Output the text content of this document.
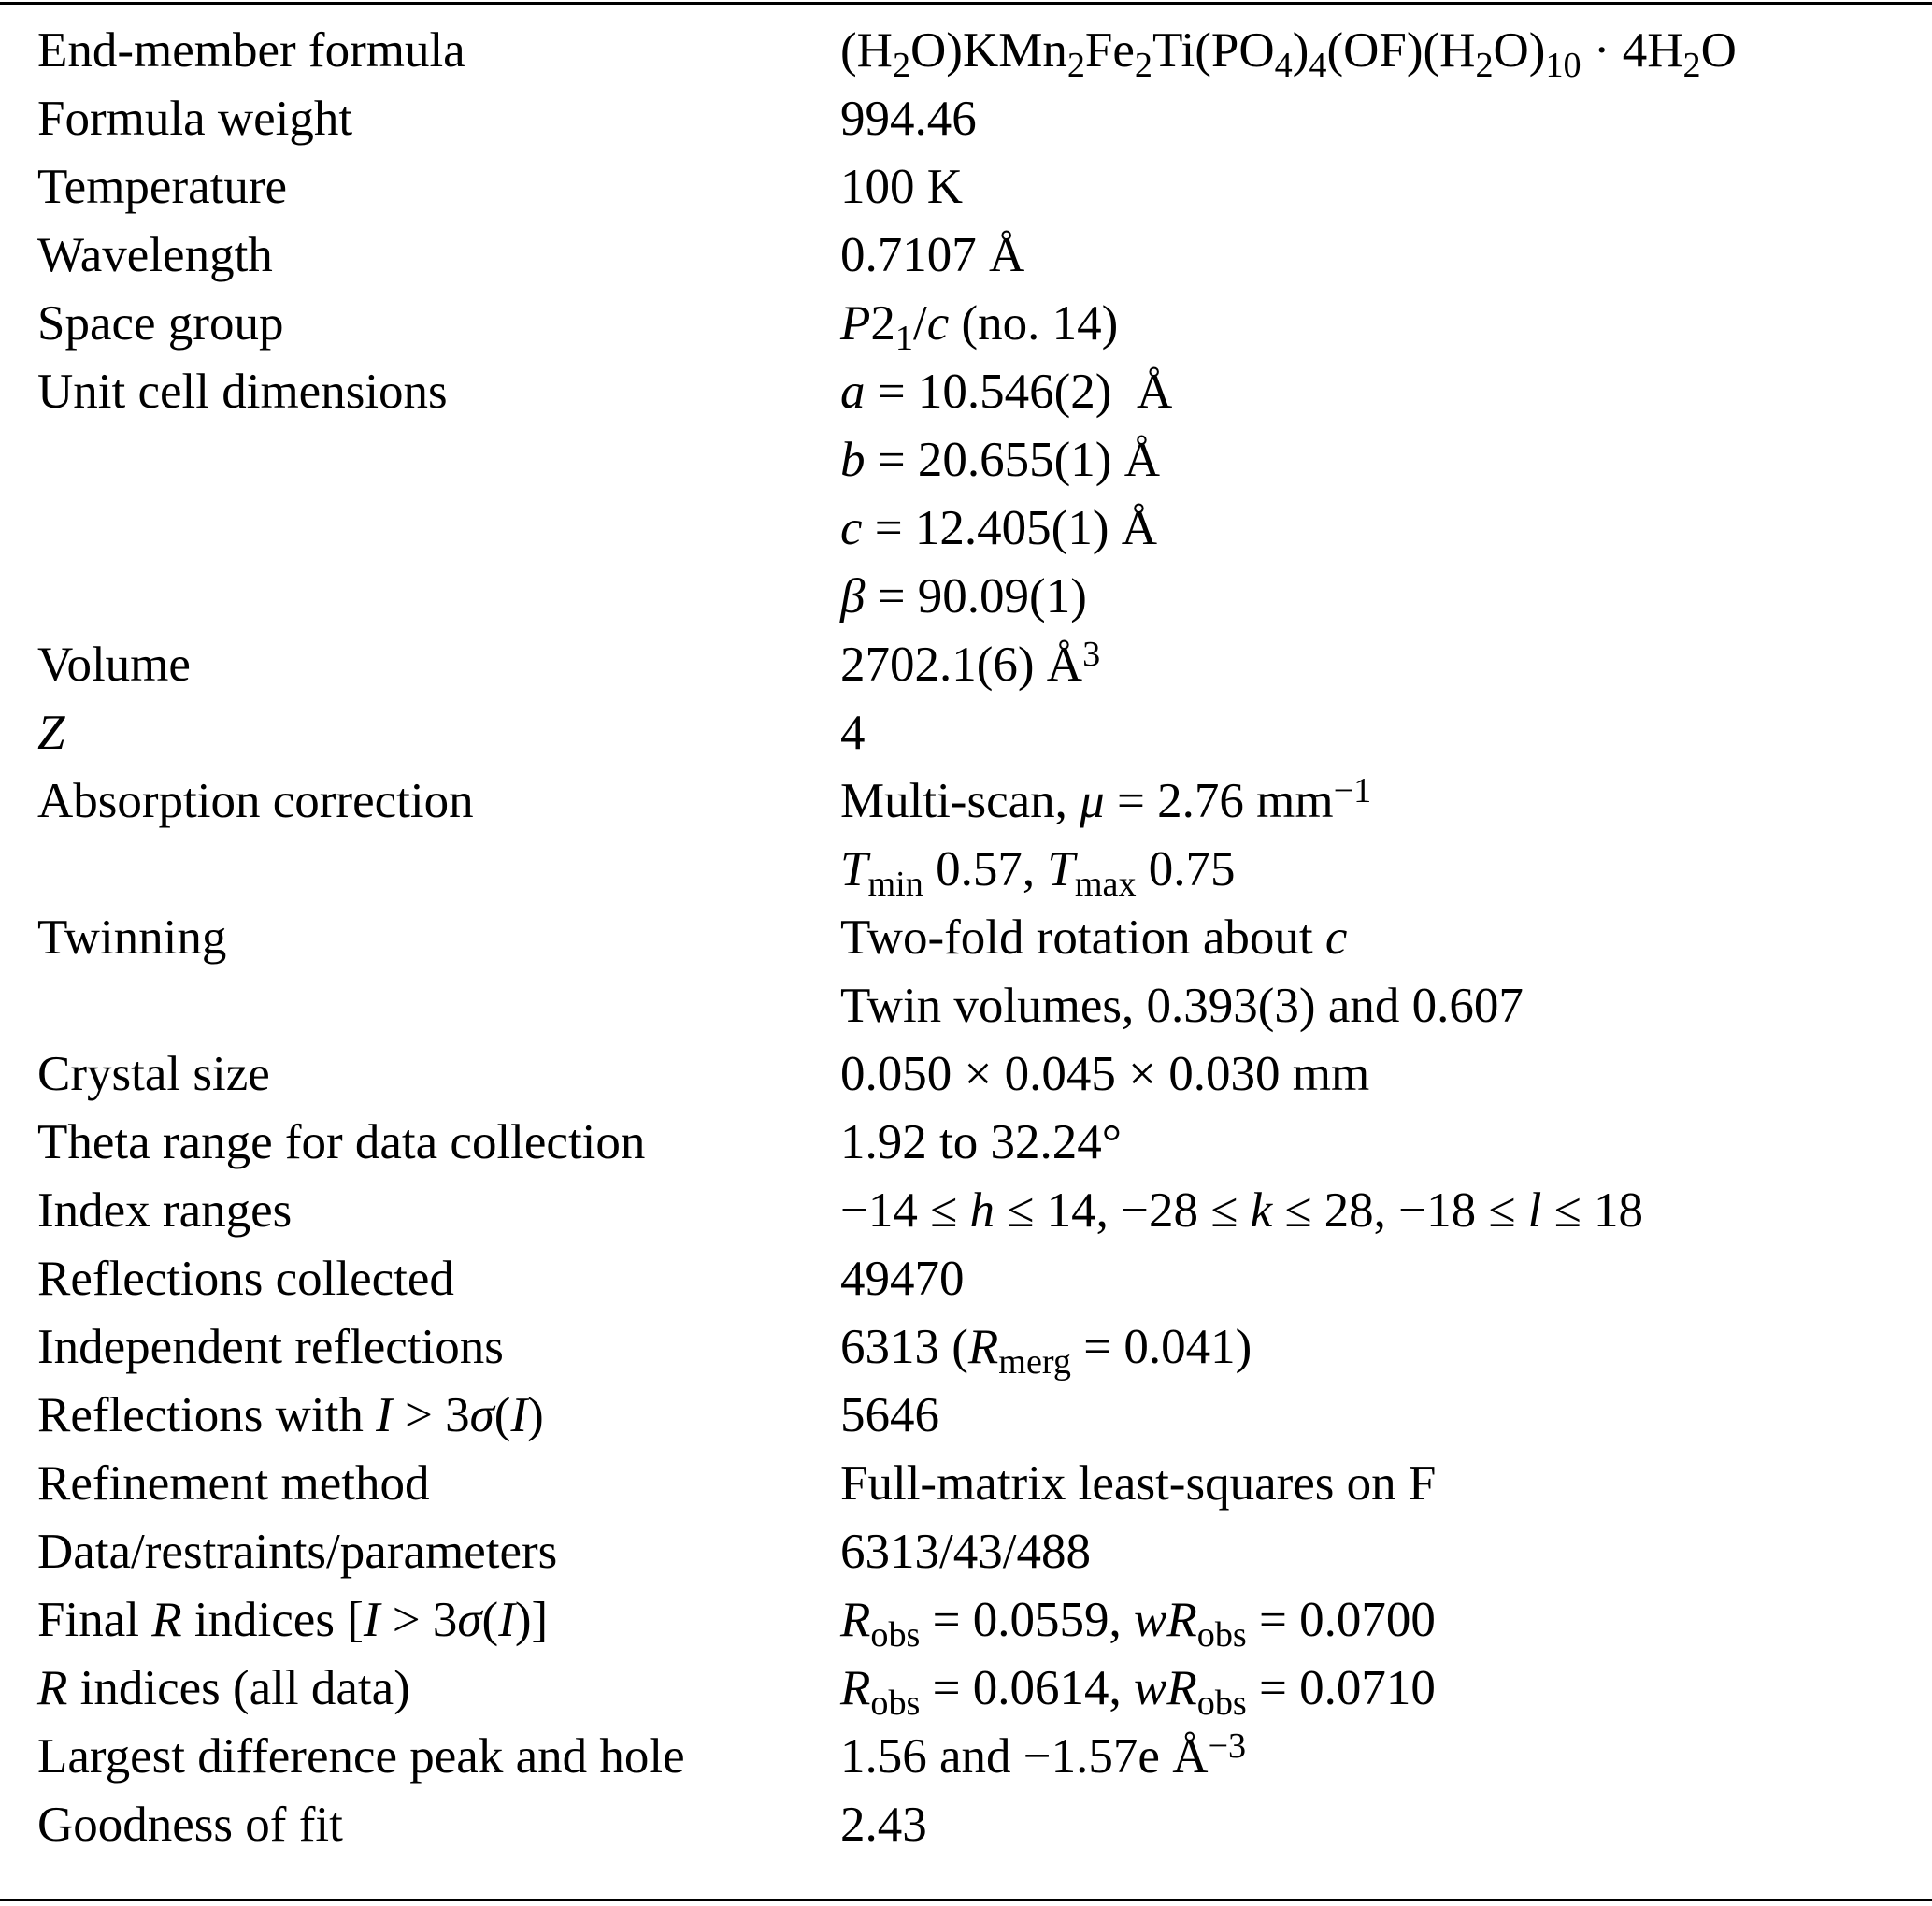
End-member formula	$(H_2O)KMn_2Fe_2Ti(PO_4)_4(OF)(H_2O)_{10} \cdot 4H_2O$
Formula weight	994.46
Temperature	100 K
Wavelength	0.7107 Å
Space group	$P2_1/c$ (no. 14)
Unit cell dimensions	a = 10.546(2)  Å
b = 20.655(1) Å
c = 12.405(1) Å
β = 90.09(1)
Volume	2702.1(6) $Å^3$
Z	4
Absorption correction	Multi-scan, μ = 2.76 $mm^{-1}$
$T_{min}$ 0.57, $T_{max}$ 0.75
Twinning	Two-fold rotation about c
Twin volumes, 0.393(3) and 0.607
Crystal size	0.050 × 0.045 × 0.030 mm
Theta range for data collection	1.92 to 32.24°
Index ranges	−14 ≤ h ≤ 14, −28 ≤ k ≤ 28, −18 ≤ l ≤ 18
Reflections collected	49470
Independent reflections	6313 $(R_{merg} = 0.041)$
Reflections with I > 3σ(I)	5646
Refinement method	Full-matrix least-squares on F
Data/restraints/parameters	6313/43/488
Final R indices [I > 3σ(I)]	$R_{obs} = 0.0559$, $wR_{obs} = 0.0700$
R indices (all data)	$R_{obs} = 0.0614$, $wR_{obs} = 0.0710$
Largest difference peak and hole	1.56 and −1.57e $Å^{-3}$
Goodness of fit	2.43
